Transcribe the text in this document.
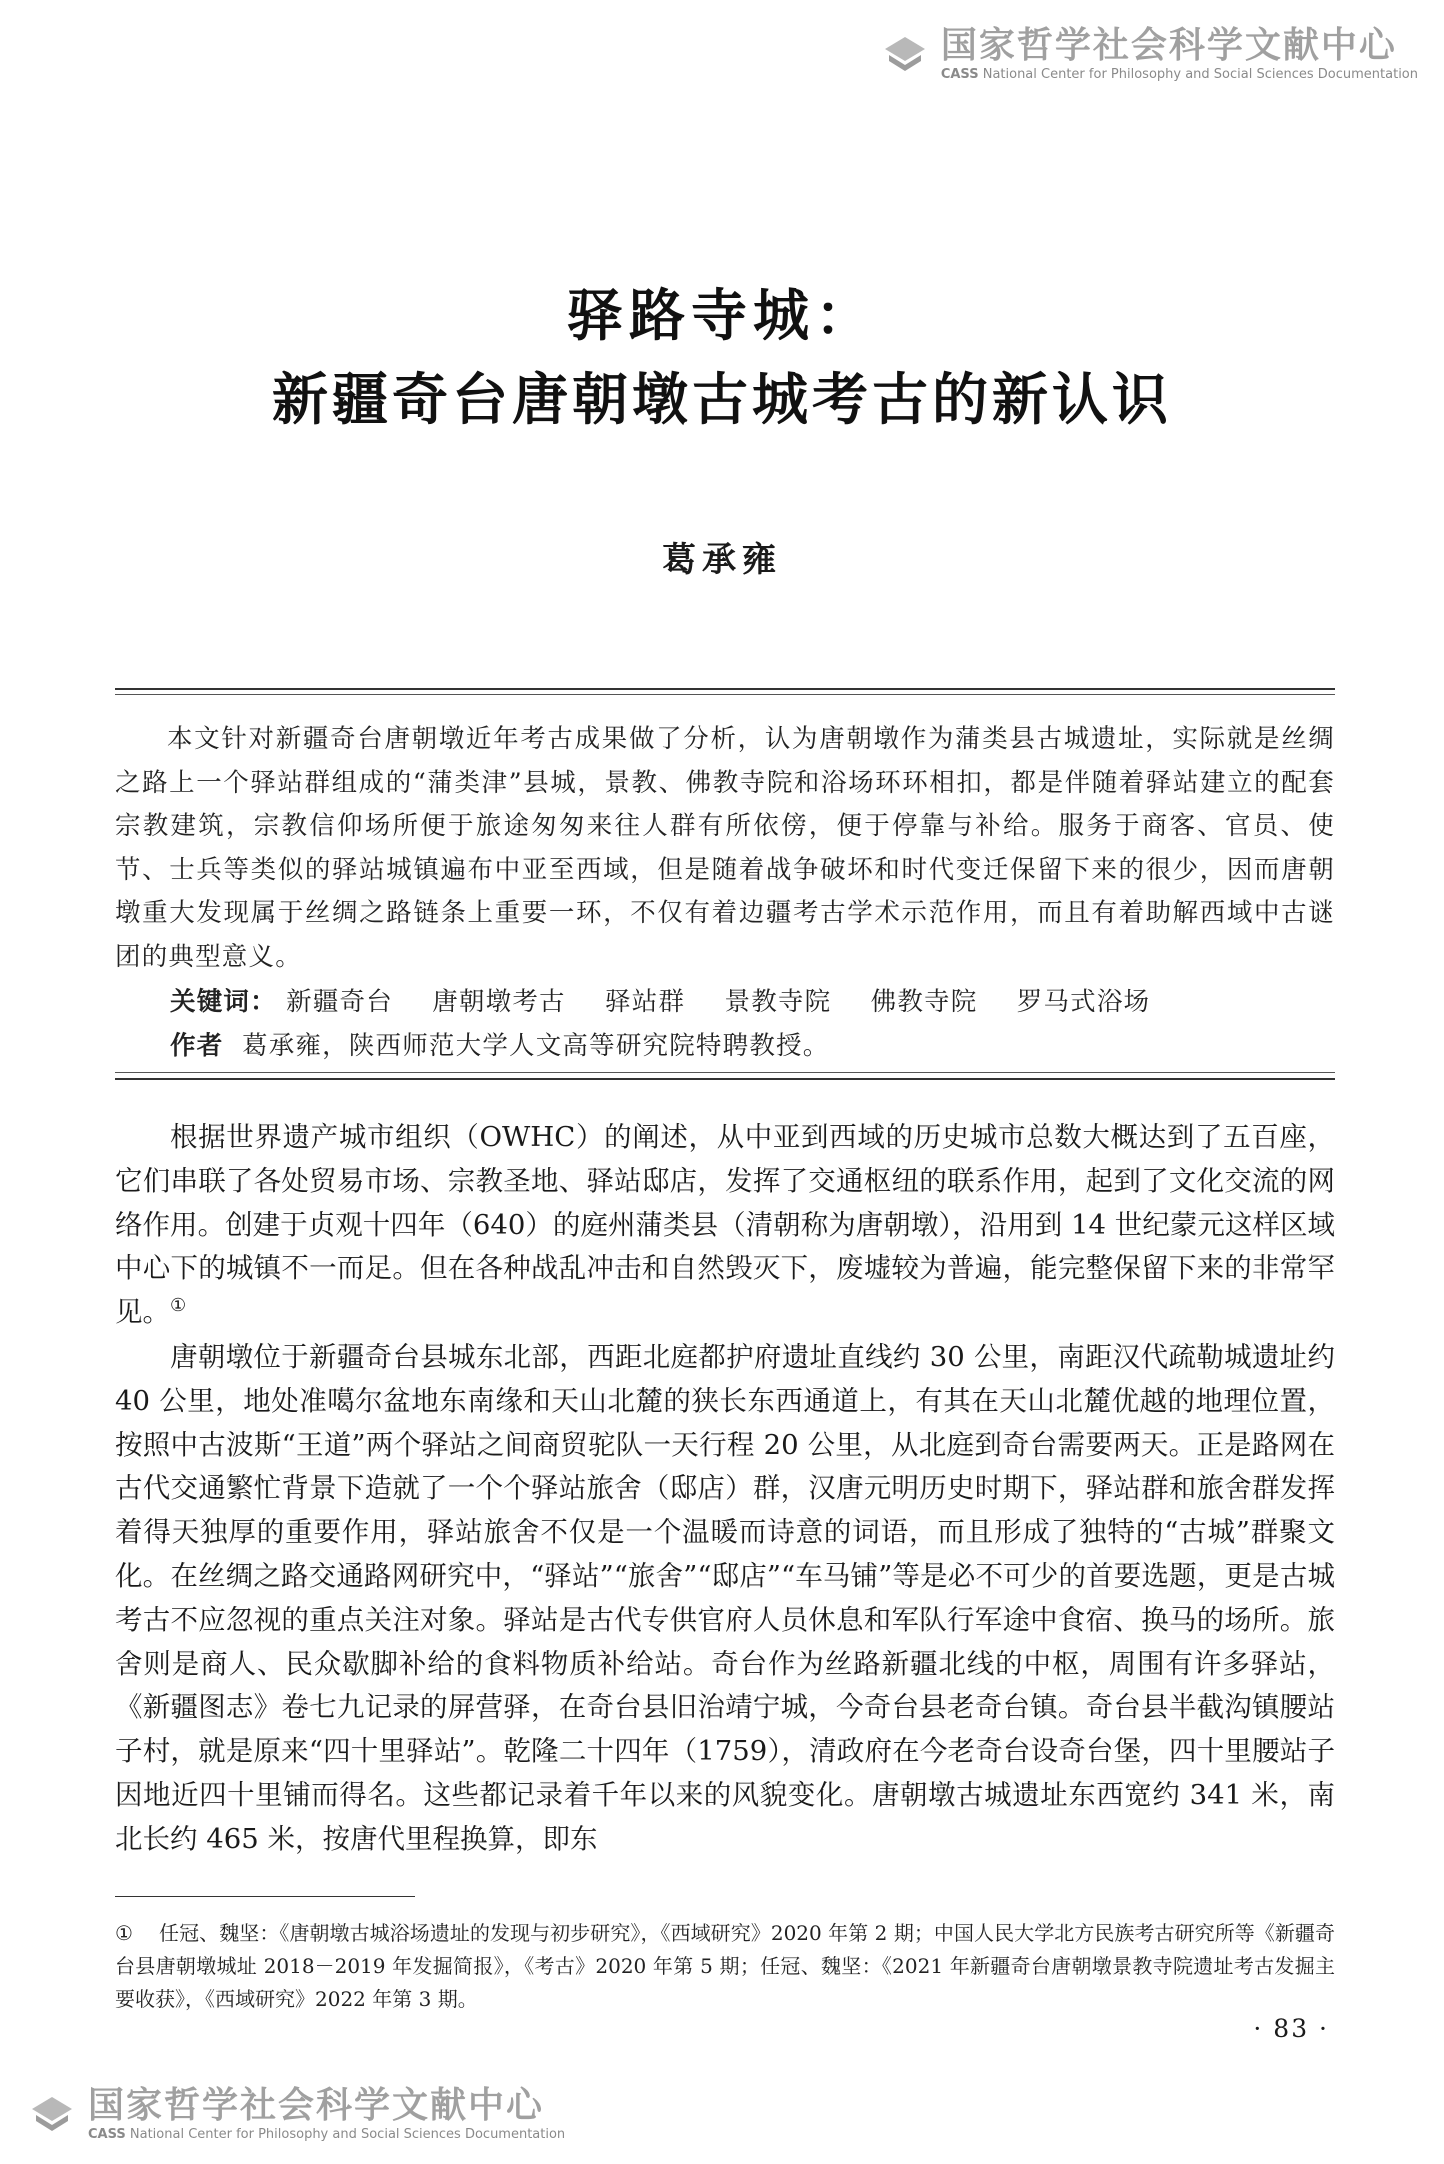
国家哲学社会科学文献中心
CASS National Center for Philosophy and Social Sciences Documentation
驿路寺城：
新疆奇台唐朝墩古城考古的新认识
葛承雍
本文针对新疆奇台唐朝墩近年考古成果做了分析，认为唐朝墩作为蒲类县古城遗址，实际就是丝绸之路上一个驿站群组成的“蒲类津”县城，景教、佛教寺院和浴场环环相扣，都是伴随着驿站建立的配套宗教建筑，宗教信仰场所便于旅途匆匆来往人群有所依傍，便于停靠与补给。服务于商客、官员、使节、士兵等类似的驿站城镇遍布中亚至西域，但是随着战争破坏和时代变迁保留下来的很少，因而唐朝墩重大发现属于丝绸之路链条上重要一环，不仅有着边疆考古学术示范作用，而且有着助解西域中古谜团的典型意义。
关键词： 新疆奇台 唐朝墩考古 驿站群 景教寺院 佛教寺院 罗马式浴场
作者 葛承雍，陕西师范大学人文高等研究院特聘教授。

根据世界遗产城市组织（OWHC）的阐述，从中亚到西域的历史城市总数大概达到了五百座，它们串联了各处贸易市场、宗教圣地、驿站邸店，发挥了交通枢纽的联系作用，起到了文化交流的网络作用。创建于贞观十四年（640）的庭州蒲类县（清朝称为唐朝墩），沿用到 14 世纪蒙元这样区域中心下的城镇不一而足。但在各种战乱冲击和自然毁灭下，废墟较为普遍，能完整保留下来的非常罕见。①

唐朝墩位于新疆奇台县城东北部，西距北庭都护府遗址直线约 30 公里，南距汉代疏勒城遗址约 40 公里，地处准噶尔盆地东南缘和天山北麓的狭长东西通道上，有其在天山北麓优越的地理位置，按照中古波斯“王道”两个驿站之间商贸驼队一天行程 20 公里，从北庭到奇台需要两天。正是路网在古代交通繁忙背景下造就了一个个驿站旅舍（邸店）群，汉唐元明历史时期下，驿站群和旅舍群发挥着得天独厚的重要作用，驿站旅舍不仅是一个温暖而诗意的词语，而且形成了独特的“古城”群聚文化。在丝绸之路交通路网研究中，“驿站”“旅舍”“邸店”“车马铺”等是必不可少的首要选题，更是古城考古不应忽视的重点关注对象。驿站是古代专供官府人员休息和军队行军途中食宿、换马的场所。旅舍则是商人、民众歇脚补给的食料物质补给站。奇台作为丝路新疆北线的中枢，周围有许多驿站，《新疆图志》卷七九记录的屏营驿，在奇台县旧治靖宁城，今奇台县老奇台镇。奇台县半截沟镇腰站子村，就是原来“四十里驿站”。乾隆二十四年（1759），清政府在今老奇台设奇台堡，四十里腰站子因地近四十里铺而得名。这些都记录着千年以来的风貌变化。唐朝墩古城遗址东西宽约 341 米，南北长约 465 米，按唐代里程换算，即东

① 任冠、魏坚：《唐朝墩古城浴场遗址的发现与初步研究》，《西域研究》2020 年第 2 期；中国人民大学北方民族考古研究所等《新疆奇台县唐朝墩城址 2018－2019 年发掘简报》，《考古》2020 年第 5 期；任冠、魏坚：《2021 年新疆奇台唐朝墩景教寺院遗址考古发掘主要收获》，《西域研究》2022 年第 3 期。
· 83 ·
国家哲学社会科学文献中心
CASS National Center for Philosophy and Social Sciences Documentation
